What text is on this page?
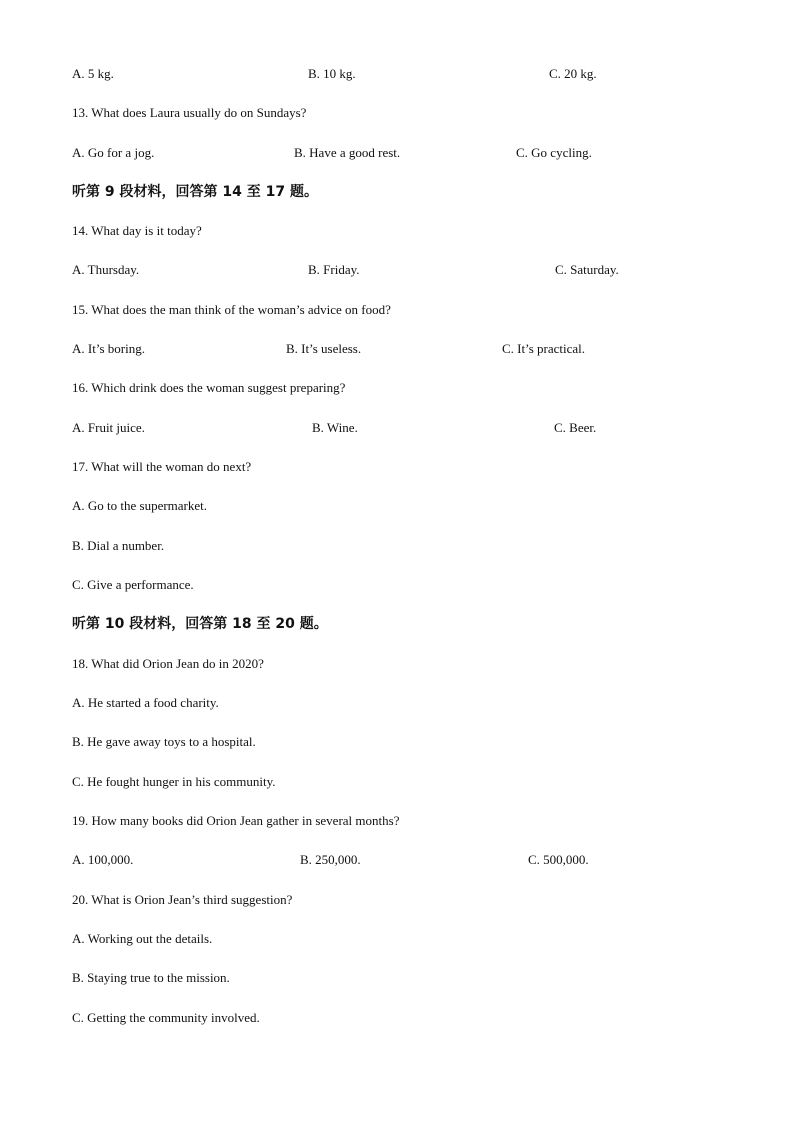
A. 5 kg.	B. 10 kg.	C. 20 kg.
13. What does Laura usually do on Sundays?
A. Go for a jog.	B. Have a good rest.	C. Go cycling.
听第 9 段材料，回答第 14 至 17 题。
14. What day is it today?
A. Thursday.	B. Friday.	C. Saturday.
15. What does the man think of the woman’s advice on food?
A. It’s boring.	B. It’s useless.	C. It’s practical.
16. Which drink does the woman suggest preparing?
A. Fruit juice.	B. Wine.	C. Beer.
17. What will the woman do next?
A. Go to the supermarket.
B. Dial a number.
C. Give a performance.
听第 10 段材料，回答第 18 至 20 题。
18. What did Orion Jean do in 2020?
A. He started a food charity.
B. He gave away toys to a hospital.
C. He fought hunger in his community.
19. How many books did Orion Jean gather in several months?
A. 100,000.	B. 250,000.	C. 500,000.
20. What is Orion Jean’s third suggestion?
A. Working out the details.
B. Staying true to the mission.
C. Getting the community involved.
